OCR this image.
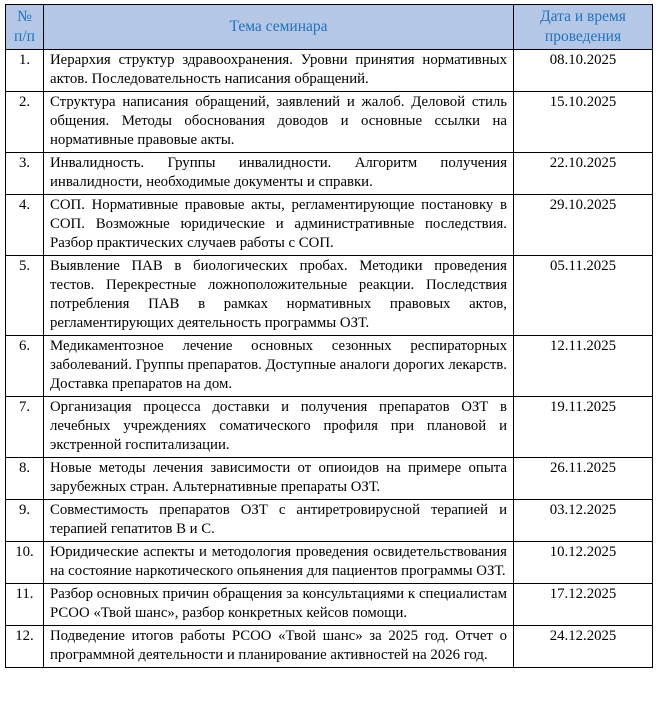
№ п/п	Тема семинара	Дата и время проведения
1.	Иерархия структур здравоохранения. Уровни принятия нормативных актов. Последовательность написания обращений.	08.10.2025
2.	Структура написания обращений, заявлений и жалоб. Деловой стиль общения. Методы обоснования доводов и основные ссылки на нормативные правовые акты.	15.10.2025
3.	Инвалидность. Группы инвалидности. Алгоритм получения инвалидности, необходимые документы и справки.	22.10.2025
4.	СОП. Нормативные правовые акты, регламентирующие постановку в СОП. Возможные юридические и административные последствия. Разбор практических случаев работы с СОП.	29.10.2025
5.	Выявление ПАВ в биологических пробах. Методики проведения тестов. Перекрестные ложноположительные реакции. Последствия потребления ПАВ в рамках нормативных правовых актов, регламентирующих деятельность программы ОЗТ.	05.11.2025
6.	Медикаментозное лечение основных сезонных респираторных заболеваний. Группы препаратов. Доступные аналоги дорогих лекарств. Доставка препаратов на дом.	12.11.2025
7.	Организация процесса доставки и получения препаратов ОЗТ в лечебных учреждениях соматического профиля при плановой и экстренной госпитализации.	19.11.2025
8.	Новые методы лечения зависимости от опиоидов на примере опыта зарубежных стран. Альтернативные препараты ОЗТ.	26.11.2025
9.	Совместимость препаратов ОЗТ с антиретровирусной терапией и терапией гепатитов В и С.	03.12.2025
10.	Юридические аспекты и методология проведения освидетельствования на состояние наркотического опьянения для пациентов программы ОЗТ.	10.12.2025
11.	Разбор основных причин обращения за консультациями к специалистам РСОО «Твой шанс», разбор конкретных кейсов помощи.	17.12.2025
12.	Подведение итогов работы РСОО «Твой шанс» за 2025 год. Отчет о программной деятельности и планирование активностей на 2026 год.	24.12.2025
